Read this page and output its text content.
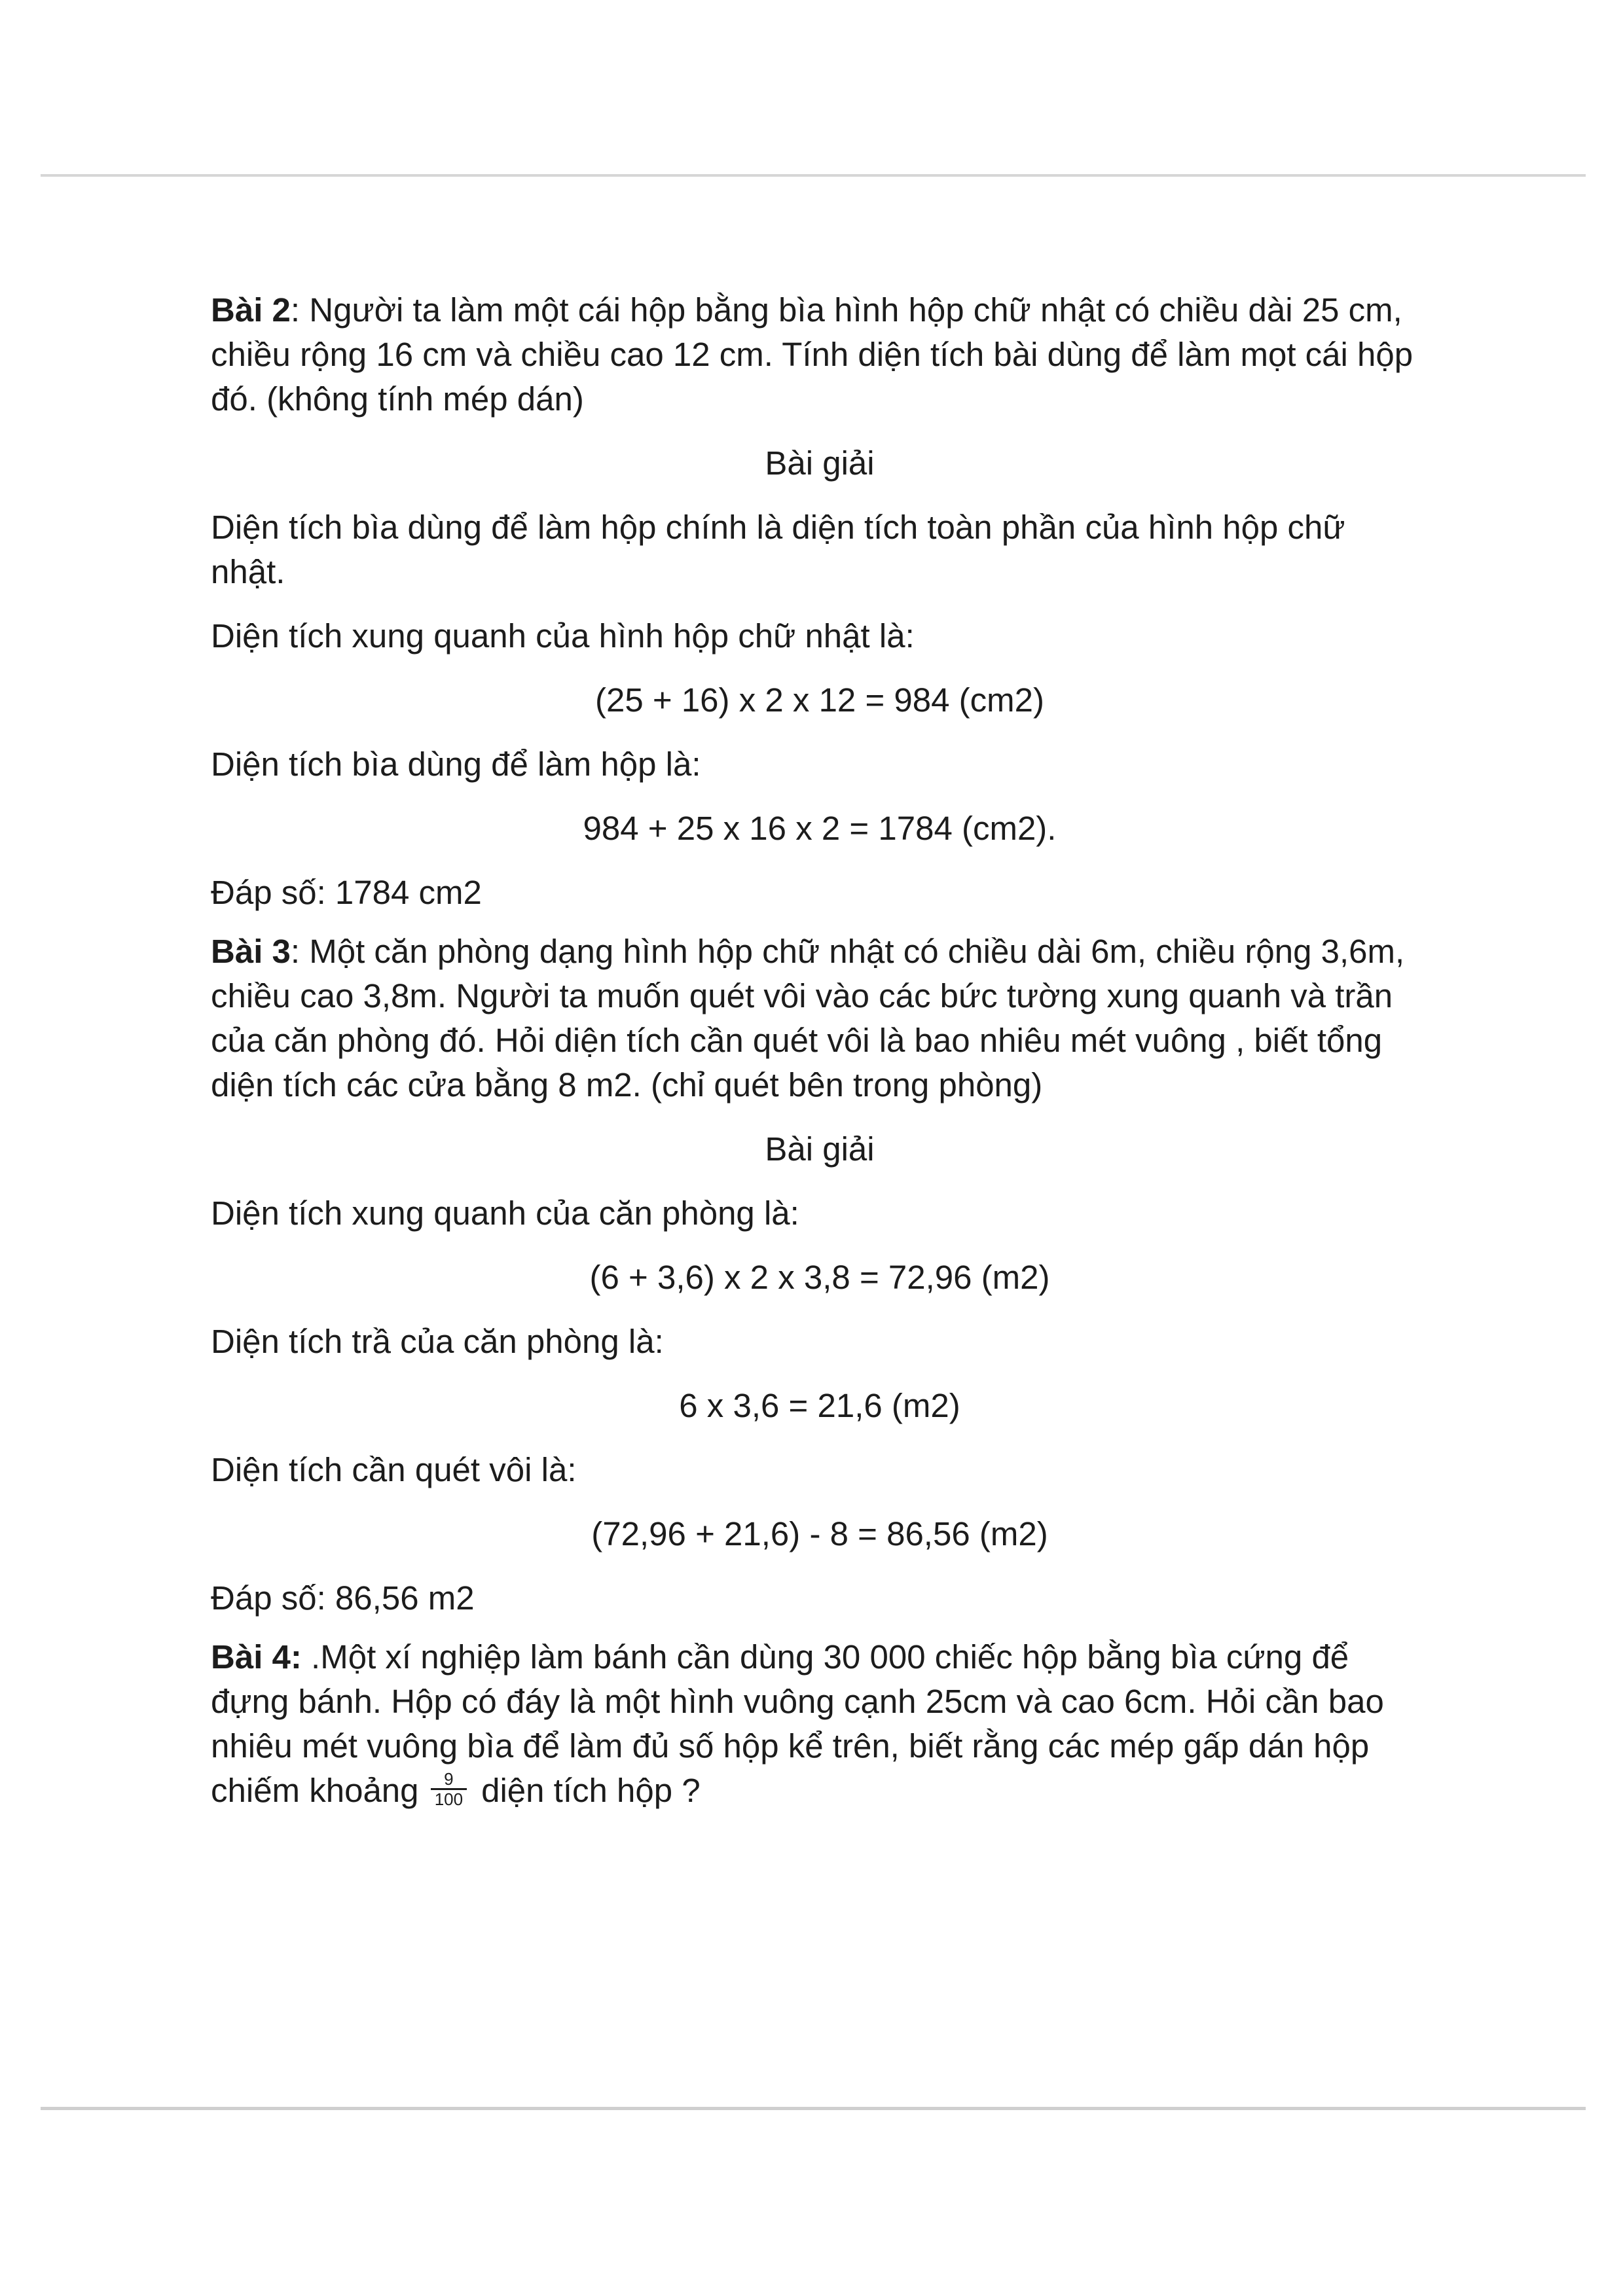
Bài 2: Người ta làm một cái hộp bằng bìa hình hộp chữ nhật có chiều dài 25 cm, chiều rộng 16 cm và chiều cao 12 cm. Tính diện tích bài dùng để làm mọt cái hộp đó. (không tính mép dán)

Bài giải

Diện tích bìa dùng để làm hộp chính là diện tích toàn phần của hình hộp chữ nhật.

Diện tích xung quanh của hình hộp chữ nhật là:

(25 + 16) x 2 x 12 = 984 (cm2)

Diện tích bìa dùng để làm hộp là:

984 + 25 x 16 x 2 = 1784 (cm2).

Đáp số: 1784 cm2

Bài 3: Một căn phòng dạng hình hộp chữ nhật có chiều dài 6m, chiều rộng 3,6m, chiều cao 3,8m. Người ta muốn quét vôi vào các bức tường xung quanh và trần của căn phòng đó. Hỏi diện tích cần quét vôi là bao nhiêu mét vuông , biết tổng diện tích các cửa bằng 8 m2. (chỉ quét bên trong phòng)

Bài giải

Diện tích xung quanh của căn phòng là:

(6 + 3,6) x 2 x 3,8 = 72,96 (m2)

Diện tích trầ của căn phòng là:

6 x 3,6 = 21,6 (m2)

Diện tích cần quét vôi là:

(72,96 + 21,6) - 8 = 86,56 (m2)

Đáp số: 86,56 m2

Bài 4: .Một xí nghiệp làm bánh cần dùng 30 000 chiếc hộp bằng bìa cứng để đựng bánh. Hộp có đáy là một hình vuông cạnh 25cm và cao 6cm. Hỏi cần bao nhiêu mét vuông bìa để làm đủ số hộp kể trên, biết rằng các mép gấp dán hộp chiếm khoảng $\frac{9}{100}$ diện tích hộp ?
